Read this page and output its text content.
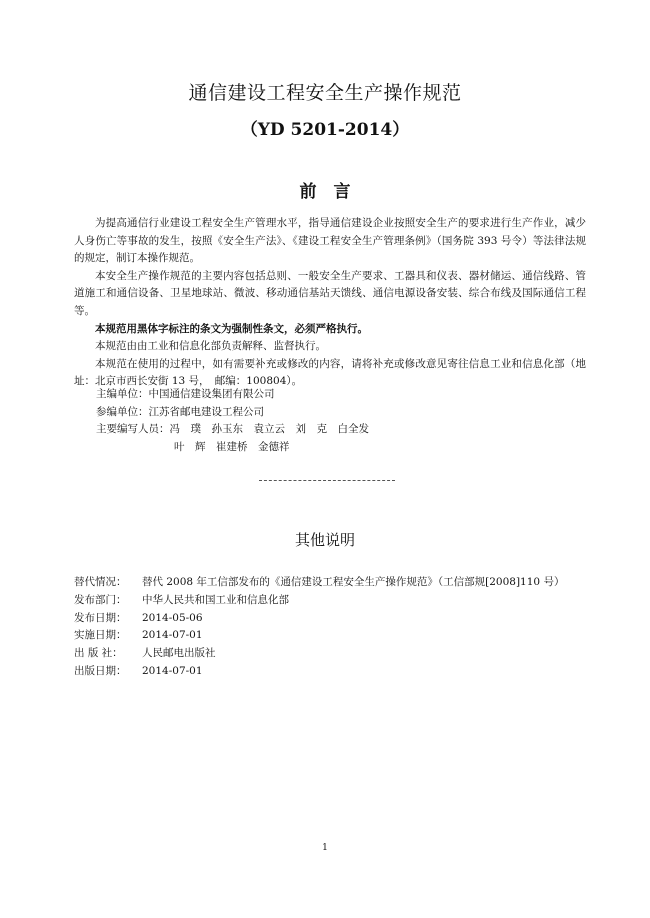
通信建设工程安全生产操作规范
（YD 5201-2014）
前　言

为提高通信行业建设工程安全生产管理水平，指导通信建设企业按照安全生产的要求进行生产作业，减少人身伤亡等事故的发生，按照《安全生产法》、《建设工程安全生产管理条例》（国务院 393 号令）等法律法规的规定，制订本操作规范。

本安全生产操作规范的主要内容包括总则、一般安全生产要求、工器具和仪表、器材储运、通信线路、管道施工和通信设备、卫星地球站、微波、移动通信基站天馈线、通信电源设备安装、综合布线及国际通信工程等。

本规范用黑体字标注的条文为强制性条文，必须严格执行。

本规范由由工业和信息化部负责解释、监督执行。

本规范在使用的过程中，如有需要补充或修改的内容，请将补充或修改意见寄往信息工业和信息化部（地址：北京市西长安街 13 号，　邮编：100804）。

主编单位：中国通信建设集团有限公司
参编单位：江苏省邮电建设工程公司
主要编写人员：冯　璞　孙玉东　袁立云　刘　克　白全发
叶　辉　崔建桥　金德祥
其他说明
替代情况： 替代 2008 年工信部发布的《通信建设工程安全生产操作规范》（工信部规[2008]110 号）
发布部门： 中华人民共和国工业和信息化部
发布日期： 2014-05-06
实施日期： 2014-07-01
出 版 社： 人民邮电出版社
出版日期： 2014-07-01
1
